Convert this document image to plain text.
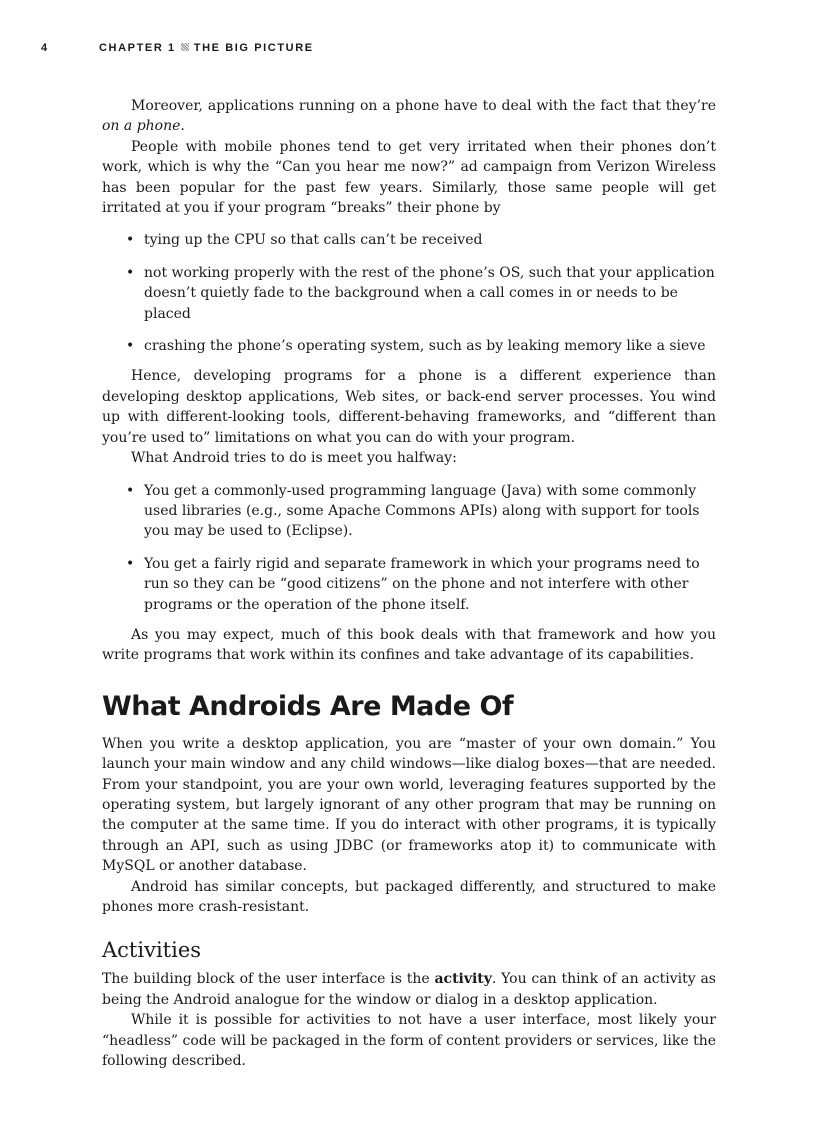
4	CHAPTER 1 THE BIG PICTURE

Moreover, applications running on a phone have to deal with the fact that they’re on a phone.

People with mobile phones tend to get very irritated when their phones don’t work, which is why the “Can you hear me now?” ad campaign from Verizon Wireless has been popular for the past few years. Similarly, those same people will get irritated at you if your program “breaks” their phone by

• tying up the CPU so that calls can’t be received
• not working properly with the rest of the phone’s OS, such that your application doesn’t quietly fade to the background when a call comes in or needs to be placed
• crashing the phone’s operating system, such as by leaking memory like a sieve

Hence, developing programs for a phone is a different experience than developing desktop applications, Web sites, or back-end server processes. You wind up with different-looking tools, different-behaving frameworks, and “different than you’re used to” limitations on what you can do with your program.

What Android tries to do is meet you halfway:

• You get a commonly-used programming language (Java) with some commonly used libraries (e.g., some Apache Commons APIs) along with support for tools you may be used to (Eclipse).
• You get a fairly rigid and separate framework in which your programs need to run so they can be “good citizens” on the phone and not interfere with other programs or the operation of the phone itself.

As you may expect, much of this book deals with that framework and how you write programs that work within its confines and take advantage of its capabilities.

What Androids Are Made Of

When you write a desktop application, you are “master of your own domain.” You launch your main window and any child windows—like dialog boxes—that are needed. From your standpoint, you are your own world, leveraging features supported by the operating system, but largely ignorant of any other program that may be running on the computer at the same time. If you do interact with other programs, it is typically through an API, such as using JDBC (or frameworks atop it) to communicate with MySQL or another database.

Android has similar concepts, but packaged differently, and structured to make phones more crash-resistant.

Activities

The building block of the user interface is the activity. You can think of an activity as being the Android analogue for the window or dialog in a desktop application.

While it is possible for activities to not have a user interface, most likely your “headless” code will be packaged in the form of content providers or services, like the following described.
